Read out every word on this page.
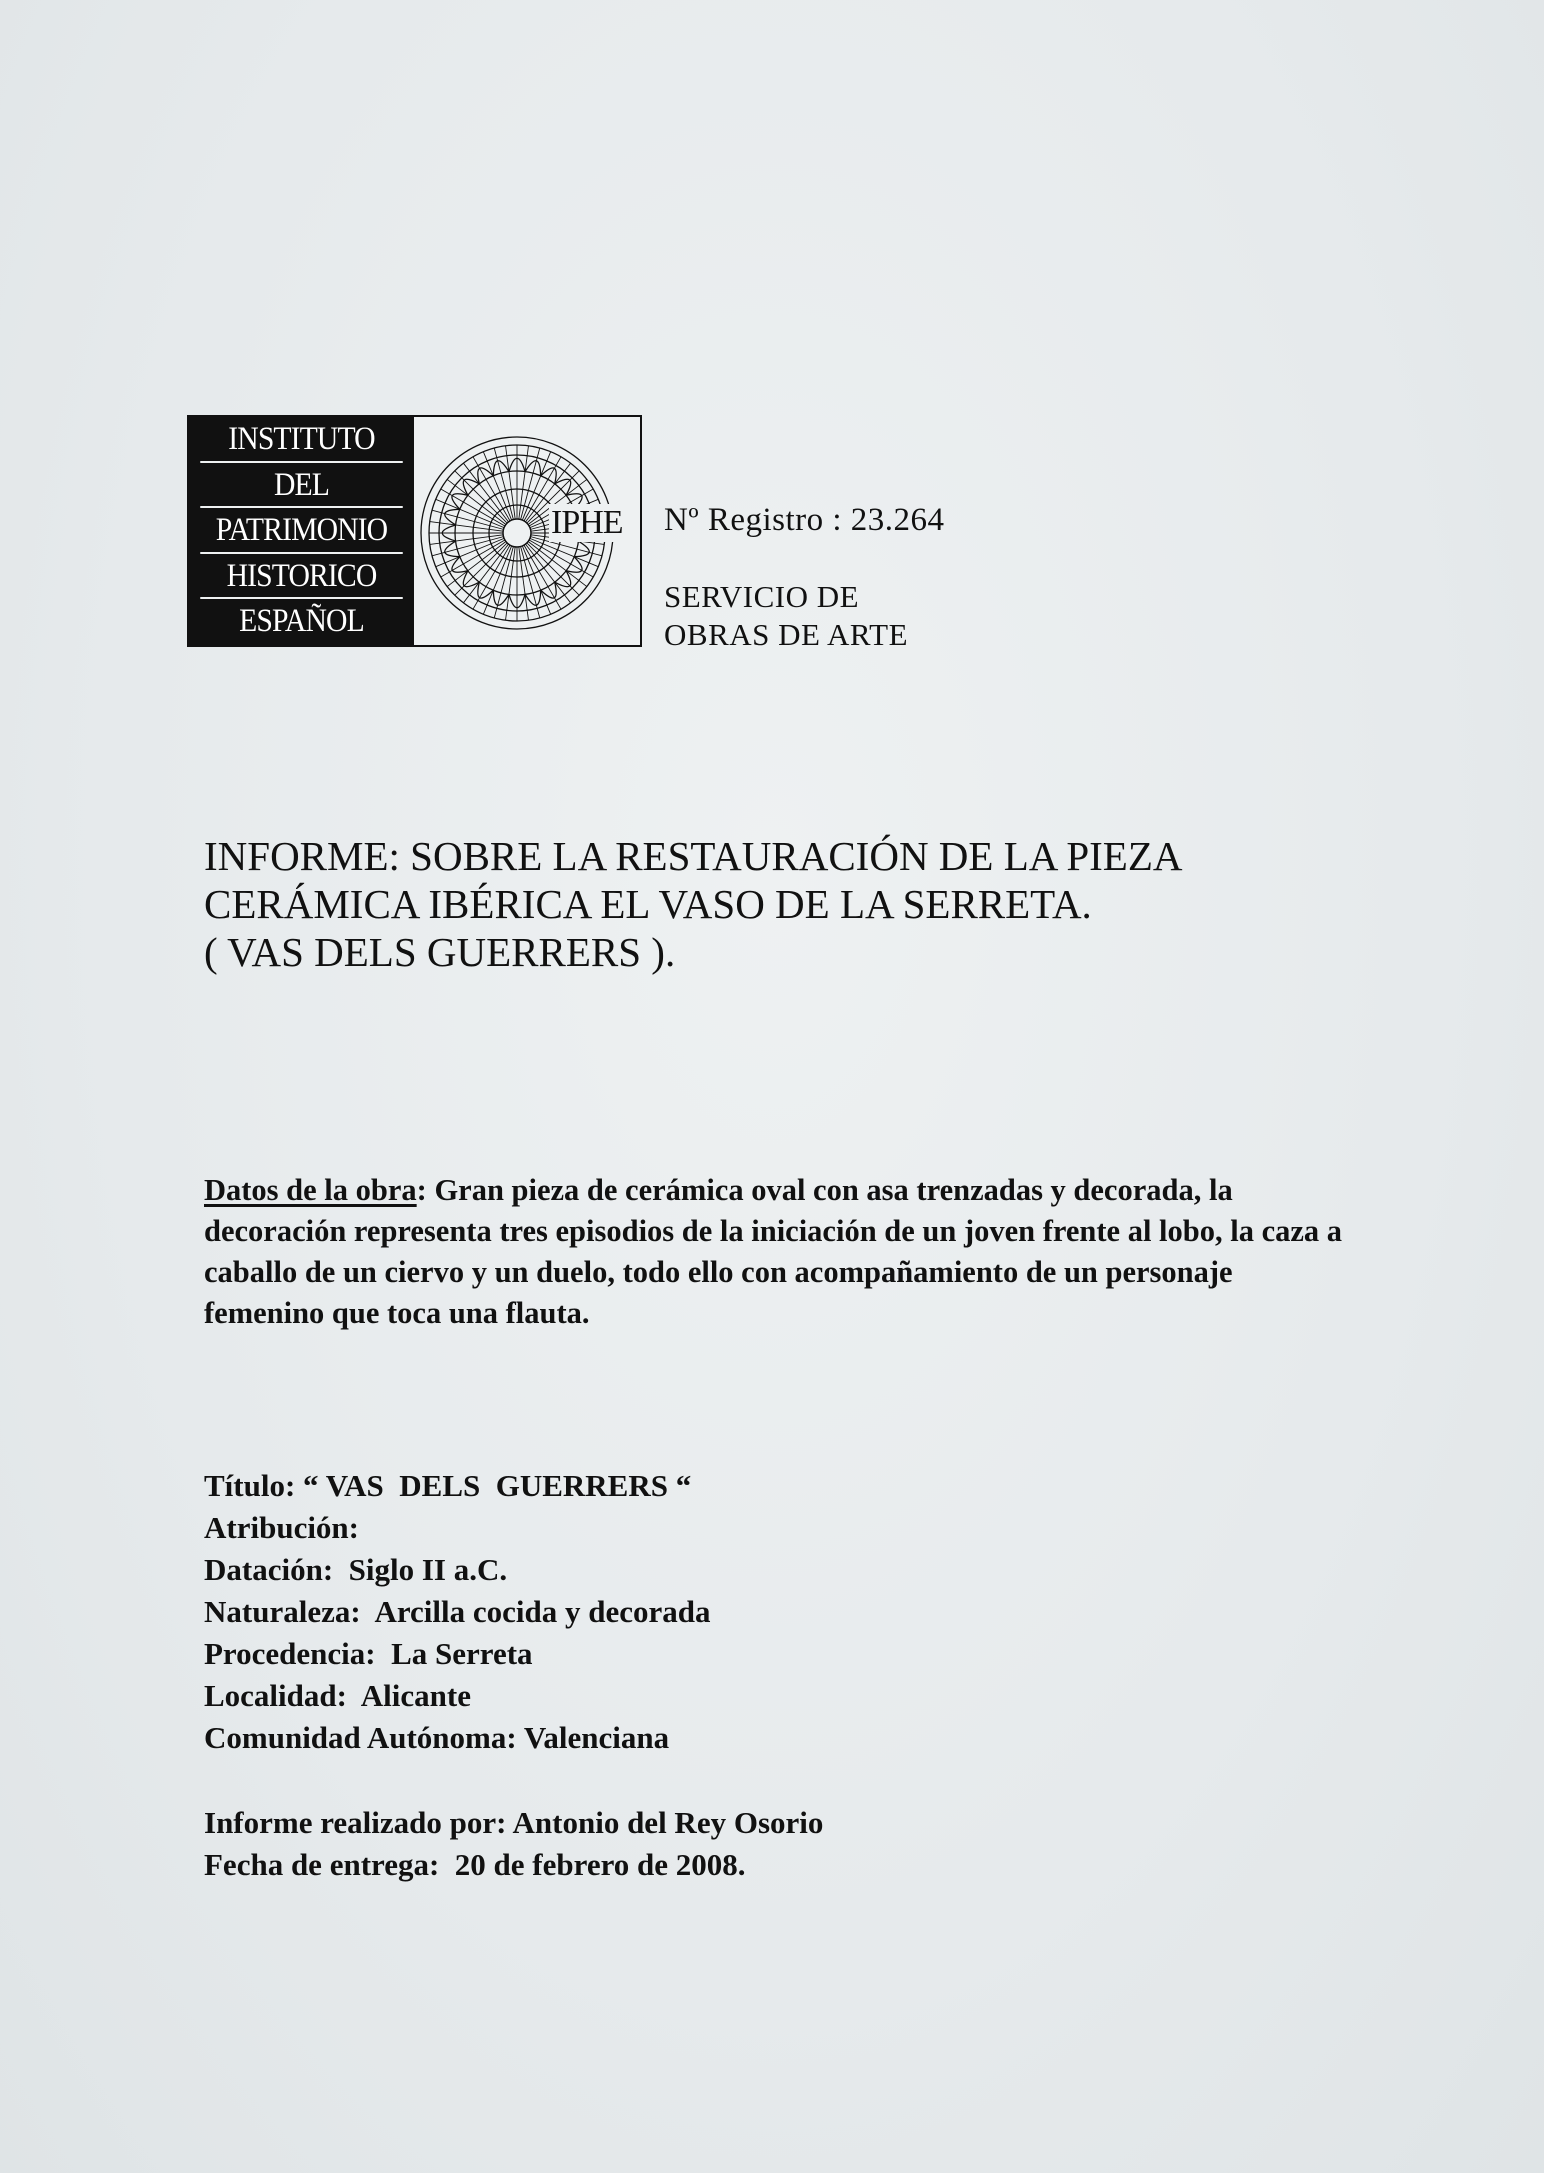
INSTITUTO
DEL
PATRIMONIO
HISTORICO
ESPAÑOL
IPHE Nº Registro : 23.264
SERVICIO DE
OBRAS DE ARTE
INFORME: SOBRE LA RESTAURACIÓN DE LA PIEZA
CERÁMICA IBÉRICA EL VASO DE LA SERRETA.
( VAS DELS GUERRERS ).
Datos de la obra: Gran pieza de cerámica oval con asa trenzadas y decorada, la decoración representa tres episodios de la iniciación de un joven frente al lobo, la caza a caballo de un ciervo y un duelo, todo ello con acompañamiento de un personaje femenino que toca una flauta.
Título: “ VAS  DELS  GUERRERS “
Atribución:
Datación:  Siglo II a.C.
Naturaleza:  Arcilla cocida y decorada
Procedencia:  La Serreta
Localidad:  Alicante
Comunidad Autónoma: Valenciana
Informe realizado por: Antonio del Rey Osorio
Fecha de entrega:  20 de febrero de 2008.
